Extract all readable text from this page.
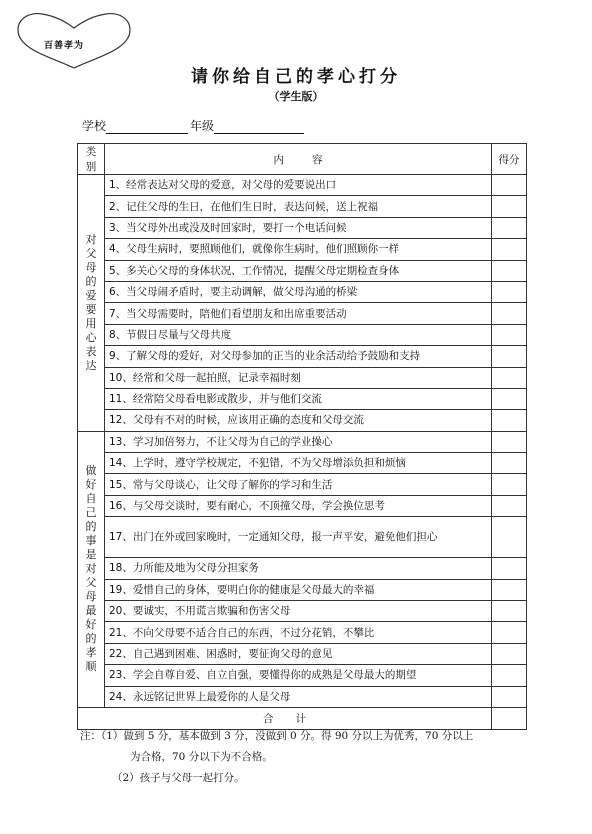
百善孝为
请你给自己的孝心打分
（学生版）
学校	年级
类别	内容	得分
对父母的爱要用心表达	1、经常表达对父母的爱意，对父母的爱要说出口	
	2、记住父母的生日，在他们生日时，表达问候，送上祝福	
	3、当父母外出或没及时回家时，要打一个电话问候	
	4、父母生病时，要照顾他们，就像你生病时，他们照顾你一样	
	5、多关心父母的身体状况、工作情况，提醒父母定期检查身体	
	6、当父母闹矛盾时，要主动调解，做父母沟通的桥梁	
	7、当父母需要时，陪他们看望朋友和出席重要活动	
	8、节假日尽量与父母共度	
	9、了解父母的爱好，对父母参加的正当的业余活动给予鼓励和支持	
	10、经常和父母一起拍照，记录幸福时刻	
	11、经常陪父母看电影或散步，并与他们交流	
	12、父母有不对的时候，应该用正确的态度和父母交流	
做好自己的事是对父母最好的孝顺	13、学习加倍努力，不让父母为自己的学业操心	
	14、上学时，遵守学校规定，不犯错，不为父母增添负担和烦恼	
	15、常与父母谈心，让父母了解你的学习和生活	
	16、与父母交谈时，要有耐心，不顶撞父母，学会换位思考	
	17、出门在外或回家晚时，一定通知父母，报一声平安，避免他们担心	
	18、力所能及地为父母分担家务	
	19、爱惜自己的身体，要明白你的健康是父母最大的幸福	
	20、要诚实，不用谎言欺骗和伤害父母	
	21、不向父母要不适合自己的东西，不过分花销，不攀比	
	22、自己遇到困难、困惑时，要征询父母的意见	
	23、学会自尊自爱、自立自强，要懂得你的成熟是父母最大的期望	
	24、永远铭记世界上最爱你的人是父母	
合计		
注：（1）做到 5 分，基本做到 3 分，没做到 0 分。得 90 分以上为优秀，70 分以上
为合格，70 分以下为不合格。
（2）孩子与父母一起打分。
